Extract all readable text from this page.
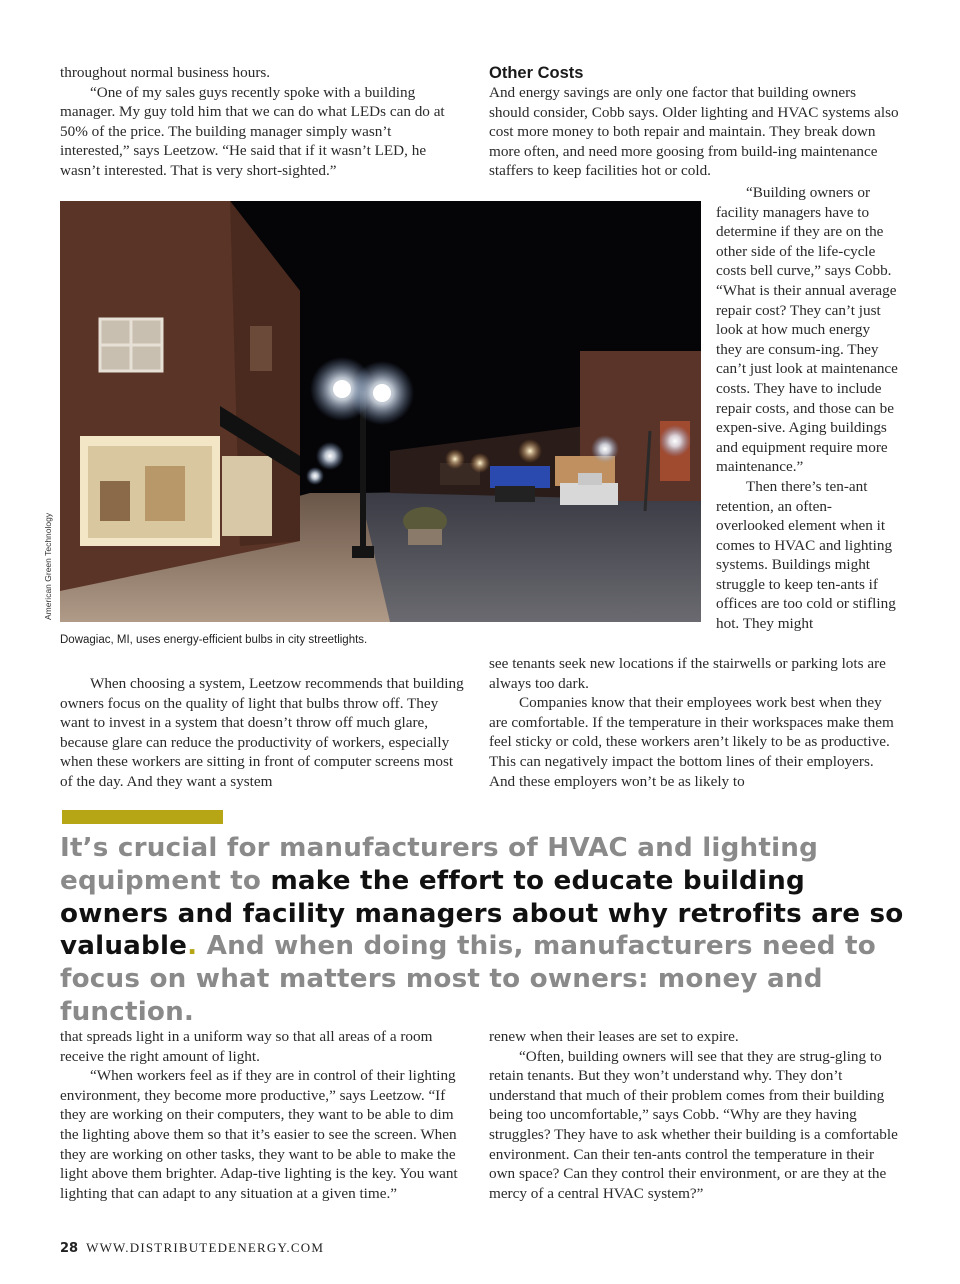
throughout normal business hours.

“One of my sales guys recently spoke with a building manager. My guy told him that we can do what LEDs can do at 50% of the price. The building manager simply wasn’t interested,” says Leetzow. “He said that if it wasn’t LED, he wasn’t interested. That is very short-sighted.”

Other Costs

And energy savings are only one factor that building owners should consider, Cobb says. Older lighting and HVAC systems also cost more money to both repair and maintain. They break down more often, and need more goosing from build-ing maintenance staffers to keep facilities hot or cold.

American Green Technology
Dowagiac, MI, uses energy-efficient bulbs in city streetlights.

“Building owners or facility managers have to determine if they are on the other side of the life-cycle costs bell curve,” says Cobb. “What is their annual average repair cost? They can’t just look at how much energy they are consum-ing. They can’t just look at maintenance costs. They have to include repair costs, and those can be expen-sive. Aging buildings and equipment require more maintenance.”

Then there’s ten-ant retention, an often-overlooked element when it comes to HVAC and lighting systems. Buildings might struggle to keep ten-ants if offices are too cold or stifling hot. They might

see tenants seek new locations if the stairwells or parking lots are always too dark.

Companies know that their employees work best when they are comfortable. If the temperature in their workspaces make them feel sticky or cold, these workers aren’t likely to be as productive. This can negatively impact the bottom lines of their employers. And these employers won’t be as likely to

When choosing a system, Leetzow recommends that building owners focus on the quality of light that bulbs throw off. They want to invest in a system that doesn’t throw off much glare, because glare can reduce the productivity of workers, especially when these workers are sitting in front of computer screens most of the day. And they want a system

It’s crucial for manufacturers of HVAC and lighting equipment to make the effort to educate building owners and facility managers about why retrofits are so valuable. And when doing this, manufacturers need to focus on what matters most to owners: money and function.

that spreads light in a uniform way so that all areas of a room receive the right amount of light.

“When workers feel as if they are in control of their lighting environment, they become more productive,” says Leetzow. “If they are working on their computers, they want to be able to dim the lighting above them so that it’s easier to see the screen. When they are working on other tasks, they want to be able to make the light above them brighter. Adap-tive lighting is the key. You want lighting that can adapt to any situation at a given time.”

renew when their leases are set to expire.

“Often, building owners will see that they are strug-gling to retain tenants. But they won’t understand why. They don’t understand that much of their problem comes from their building being too uncomfortable,” says Cobb. “Why are they having struggles? They have to ask whether their building is a comfortable environment. Can their ten-ants control the temperature in their own space? Can they control their environment, or are they at the mercy of a central HVAC system?”

28 WWW.DISTRIBUTEDENERGY.COM
